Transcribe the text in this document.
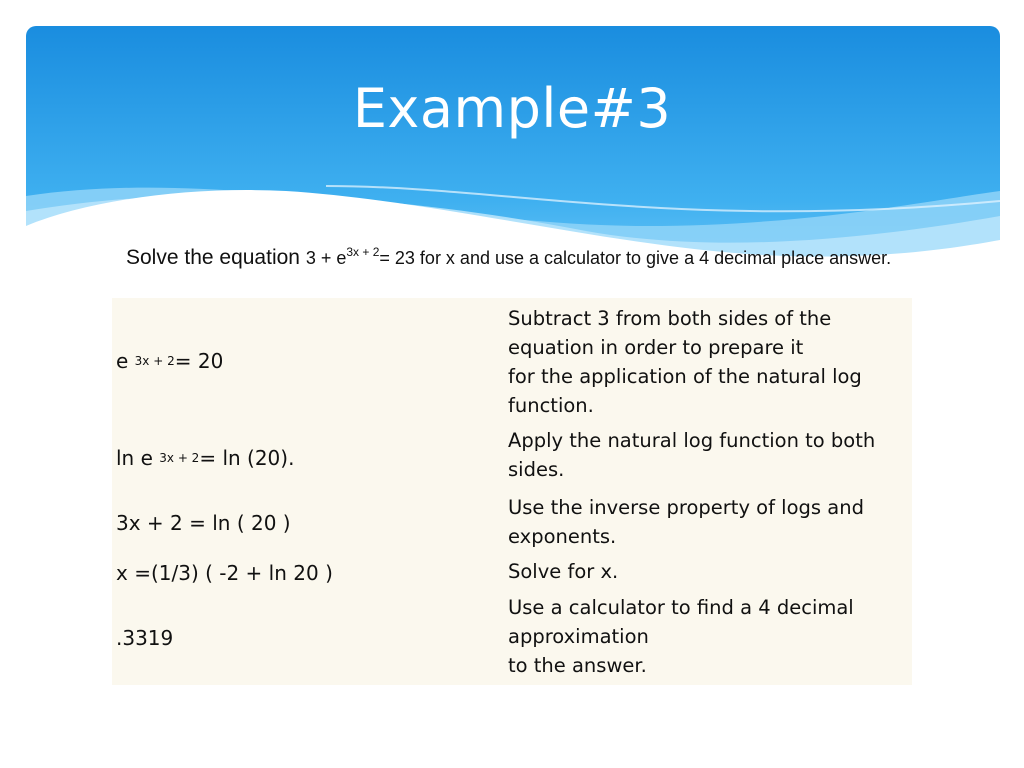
Example#3
Solve the equation $3 + e^{3x + 2}= 23$ for x and use a calculator to give a 4 decimal place answer.
e
3x + 2 = 20
Subtract 3 from both sides of the equation in order to prepare it
for the application of the natural log function.
ln e
3x + 2 = ln (20).
Apply the natural log function to both sides.
3x + 2 = ln ( 20 )
Use the inverse property of logs and exponents.
x =(1/3) ( -2 + ln 20 )	Solve for x.
.3319
Use a calculator to find a 4 decimal approximation
to the answer.
